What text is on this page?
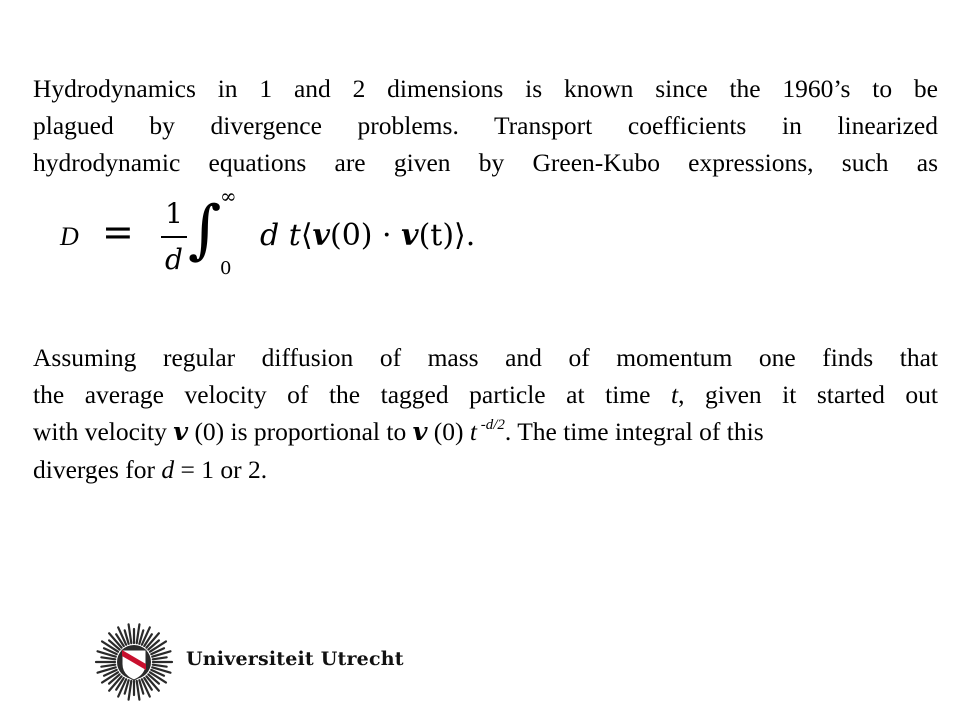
Hydrodynamics in 1 and 2 dimensions is known since the 1960’s to be
plagued by divergence problems. Transport coefficients in linearized
hydrodynamic equations are given by Green-Kubo expressions, such as
D = 1
d ∫
∞
0
d t⟨v(0) · v(t)⟩.
Assuming regular diffusion of mass and of momentum one finds that
the average velocity of the tagged particle at time t, given it started out
with velocity v (0) is proportional to v (0) t $^{-d/2}$. The time integral of this
diverges for d = 1 or 2.
Universiteit Utrecht
